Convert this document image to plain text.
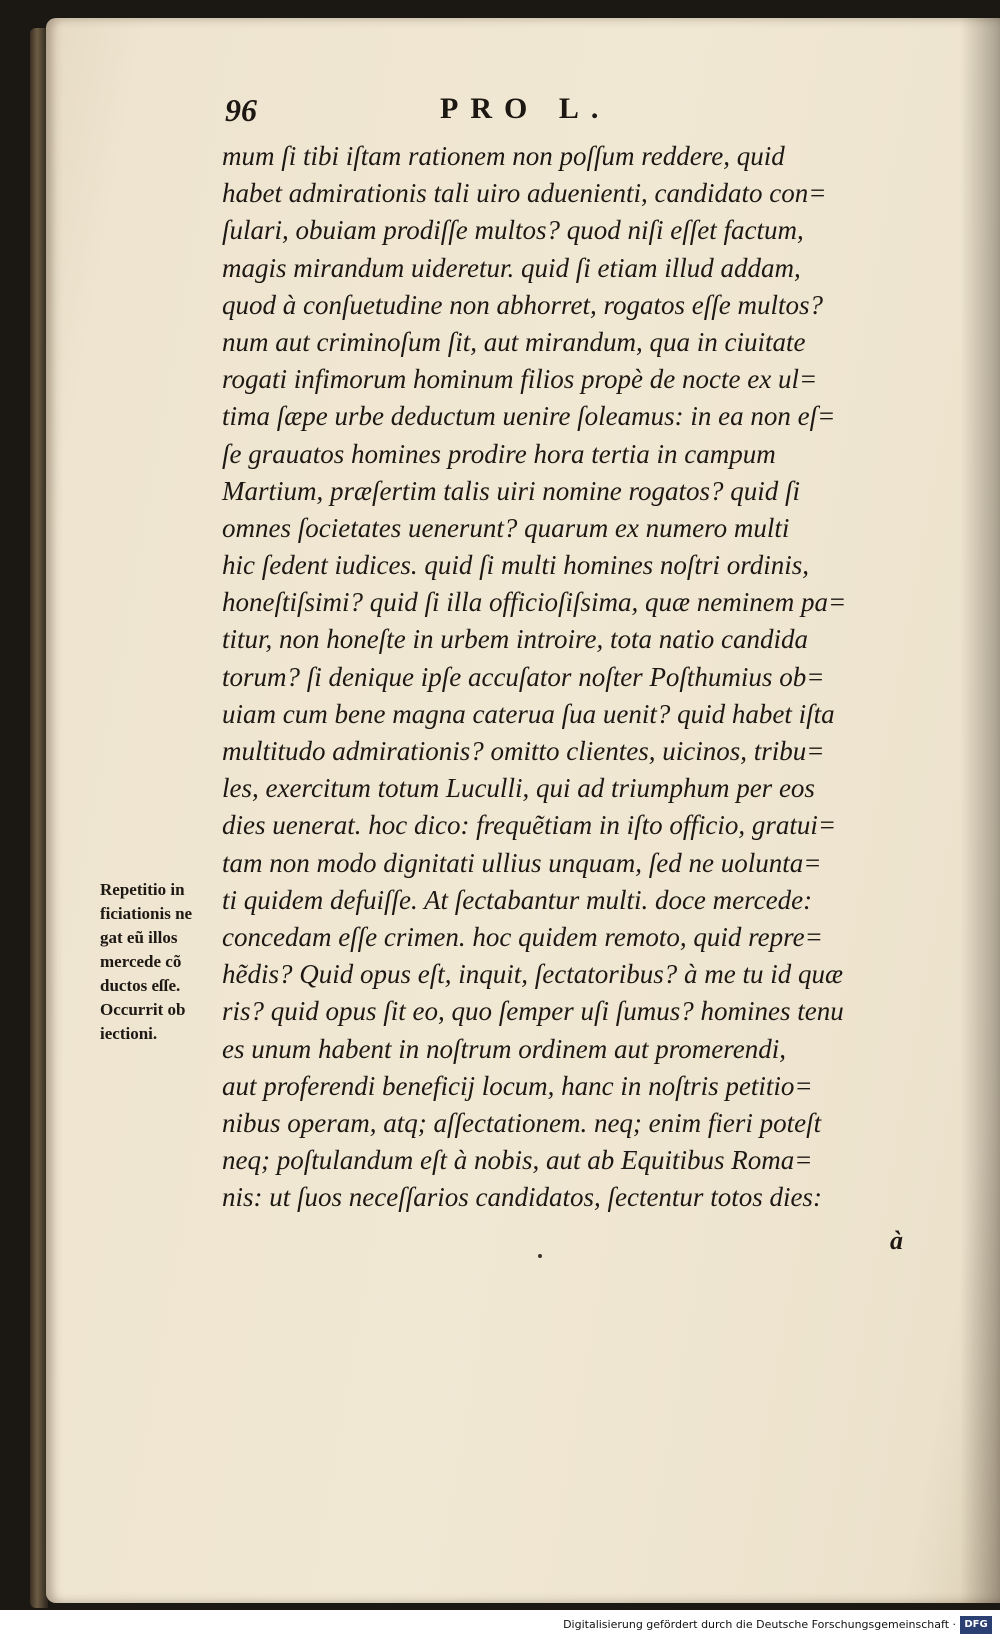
96	PRO L.
mum ſi tibi iſtam rationem non poſſum reddere, quid
habet admirationis tali uiro aduenienti, candidato con=
ſulari, obuiam prodiſſe multos? quod niſi eſſet factum,
magis mirandum uideretur. quid ſi etiam illud addam,
quod à conſuetudine non abhorret, rogatos eſſe multos?
num aut criminoſum ſit, aut mirandum, qua in ciuitate
rogati infimorum hominum filios propè de nocte ex ul=
tima ſæpe urbe deductum uenire ſoleamus: in ea non eſ=
ſe grauatos homines prodire hora tertia in campum
Martium, præſertim talis uiri nomine rogatos? quid ſi
omnes ſocietates uenerunt? quarum ex numero multi
hic ſedent iudices. quid ſi multi homines noſtri ordinis,
honeſtiſsimi? quid ſi illa officioſiſsima, quæ neminem pa=
titur, non honeſte in urbem introire, tota natio candida
torum? ſi denique ipſe accuſator noſter Poſthumius ob=
uiam cum bene magna caterua ſua uenit? quid habet iſta
multitudo admirationis? omitto clientes, uicinos, tribu=
les, exercitum totum Luculli, qui ad triumphum per eos
dies uenerat. hoc dico: frequẽtiam in iſto officio, gratui=
tam non modo dignitati ullius unquam, ſed ne uolunta=
ti quidem defuiſſe. At ſectabantur multi. doce mercede:
concedam eſſe crimen. hoc quidem remoto, quid repre=
hẽdis? Quid opus eſt, inquit, ſectatoribus? à me tu id quæ
ris? quid opus ſit eo, quo ſemper uſi ſumus? homines tenu
es unum habent in noſtrum ordinem aut promerendi,
aut proferendi beneficij locum, hanc in noſtris petitio=
nibus operam, atq; aſſectationem. neq; enim fieri poteſt
neq; poſtulandum eſt à nobis, aut ab Equitibus Roma=
nis: ut ſuos neceſſarios candidatos, ſectentur totos dies:
Repetitio in
ficiationis ne
gat eũ illos
mercede cõ
ductos eſſe.
Occurrit ob
iectioni.
à
Digitalisierung gefördert durch die Deutsche Forschungsgemeinschaft · DFG
